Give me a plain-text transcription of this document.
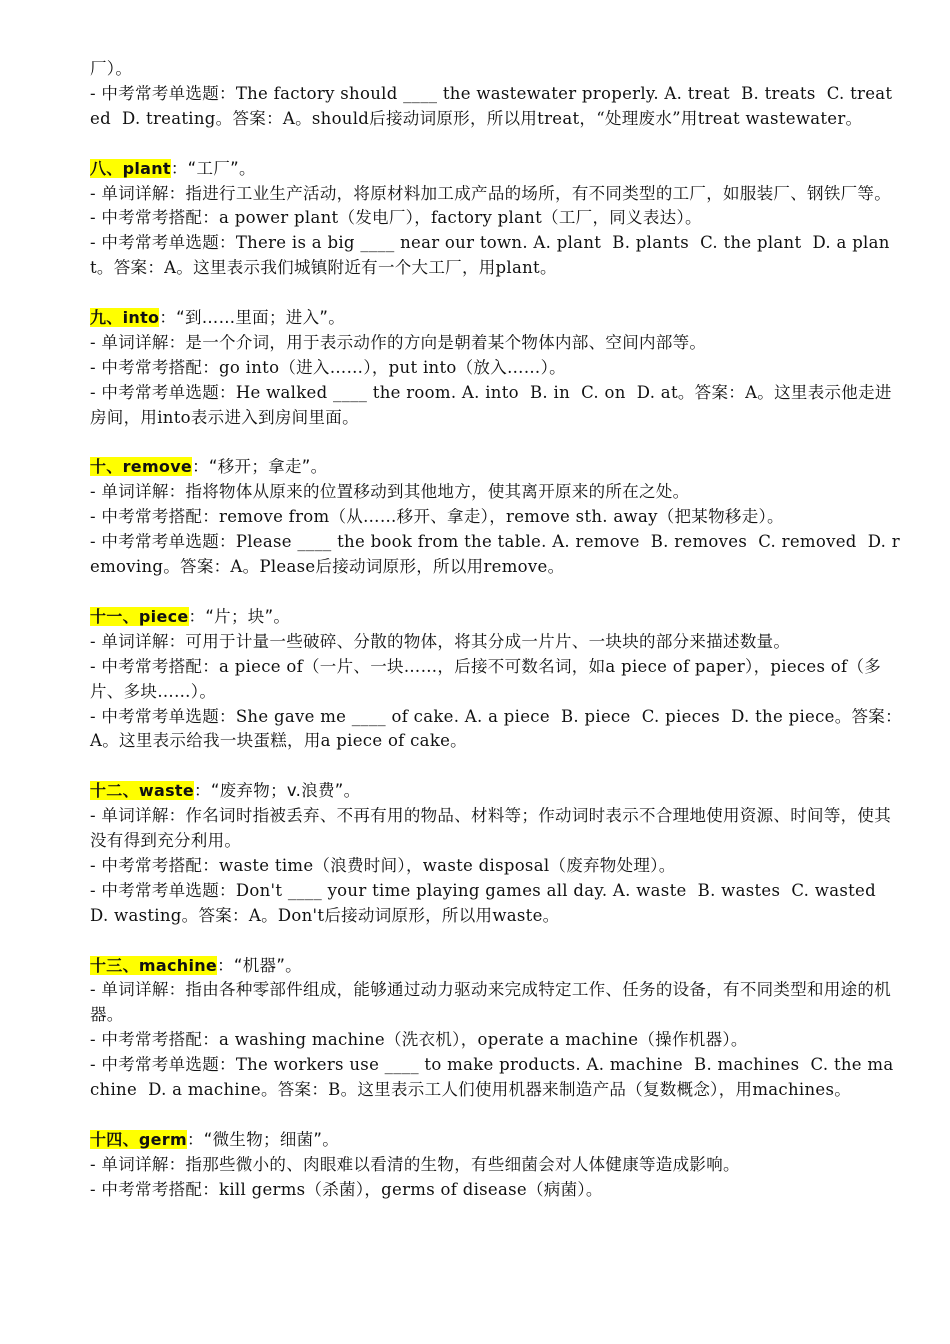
厂）。

- 中考常考单选题：The factory should ____ the wastewater properly. A. treat  B. treats  C. treated  D. treating。答案：A。should后接动词原形，所以用treat，“处理废水”用treat wastewater。

八、plant：“工厂”。

- 单词详解：指进行工业生产活动，将原材料加工成产品的场所，有不同类型的工厂，如服装厂、钢铁厂等。

- 中考常考搭配：a power plant（发电厂），factory plant（工厂，同义表达）。

- 中考常考单选题：There is a big ____ near our town. A. plant  B. plants  C. the plant  D. a plant。答案：A。这里表示我们城镇附近有一个大工厂，用plant。

九、into：“到……里面；进入”。

- 单词详解：是一个介词，用于表示动作的方向是朝着某个物体内部、空间内部等。

- 中考常考搭配：go into（进入……），put into（放入……）。

- 中考常考单选题：He walked ____ the room. A. into  B. in  C. on  D. at。答案：A。这里表示他走进房间，用into表示进入到房间里面。

十、remove：“移开；拿走”。

- 单词详解：指将物体从原来的位置移动到其他地方，使其离开原来的所在之处。

- 中考常考搭配：remove from（从……移开、拿走），remove sth. away（把某物移走）。

- 中考常考单选题：Please ____ the book from the table. A. remove  B. removes  C. removed  D. removing。答案：A。Please后接动词原形，所以用remove。

十一、piece：“片；块”。

- 单词详解：可用于计量一些破碎、分散的物体，将其分成一片片、一块块的部分来描述数量。

- 中考常考搭配：a piece of（一片、一块……，后接不可数名词，如a piece of paper），pieces of（多片、多块……）。

- 中考常考单选题：She gave me ____ of cake. A. a piece  B. piece  C. pieces  D. the piece。答案：A。这里表示给我一块蛋糕，用a piece of cake。

十二、waste：“废弃物；v.浪费”。

- 单词详解：作名词时指被丢弃、不再有用的物品、材料等；作动词时表示不合理地使用资源、时间等，使其没有得到充分利用。

- 中考常考搭配：waste time（浪费时间），waste disposal（废弃物处理）。

- 中考常考单选题：Don't ____ your time playing games all day. A. waste  B. wastes  C. wasted  D. wasting。答案：A。Don't后接动词原形，所以用waste。

十三、machine：“机器”。

- 单词详解：指由各种零部件组成，能够通过动力驱动来完成特定工作、任务的设备，有不同类型和用途的机器。

- 中考常考搭配：a washing machine（洗衣机），operate a machine（操作机器）。

- 中考常考单选题：The workers use ____ to make products. A. machine  B. machines  C. the machine  D. a machine。答案：B。这里表示工人们使用机器来制造产品（复数概念），用machines。

十四、germ：“微生物；细菌”。

- 单词详解：指那些微小的、肉眼难以看清的生物，有些细菌会对人体健康等造成影响。

- 中考常考搭配：kill germs（杀菌），germs of disease（病菌）。
